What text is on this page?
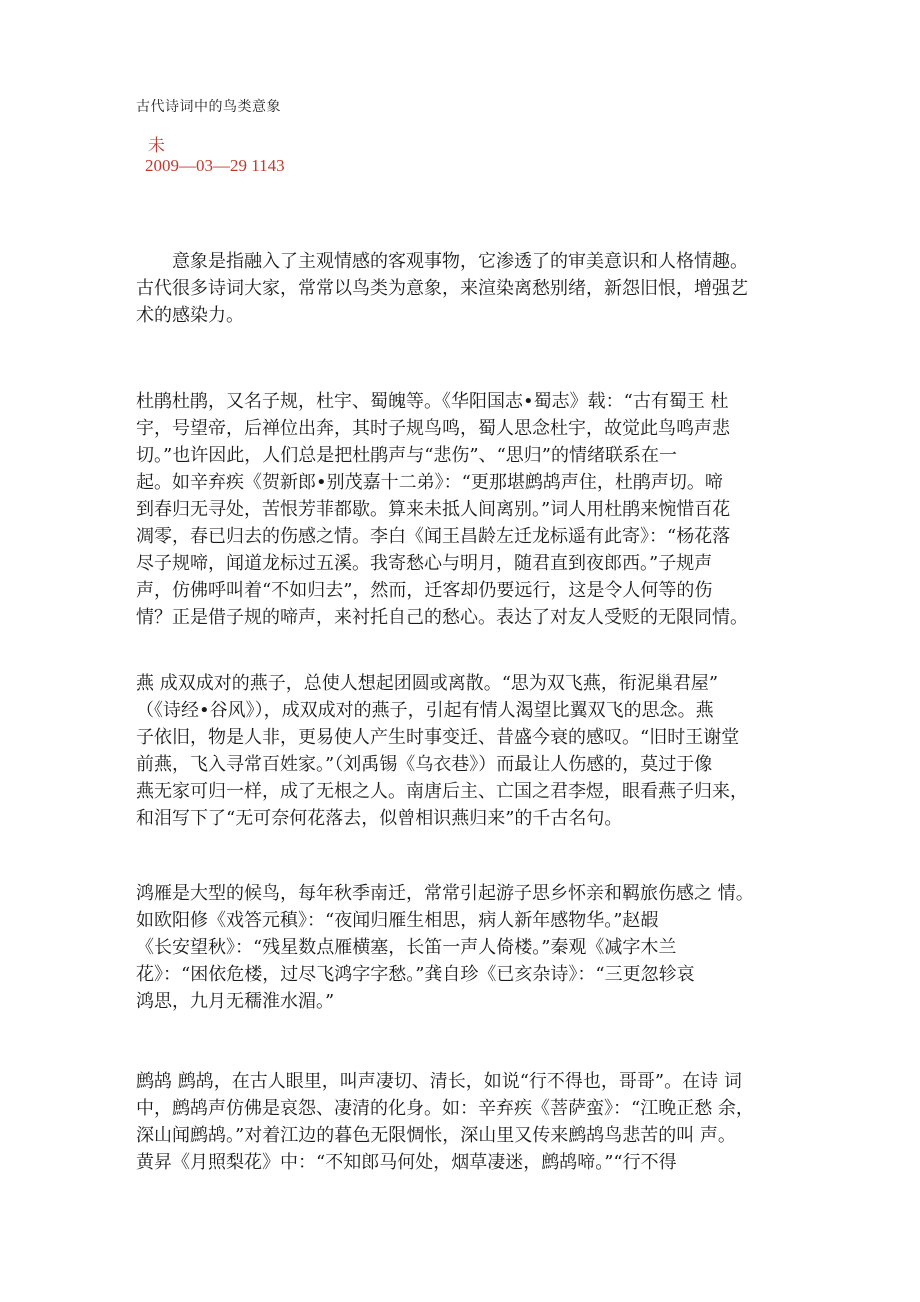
古代诗词中的鸟类意象
未
2009—03—29 1143
　　意象是指融入了主观情感的客观事物，它渗透了的审美意识和人格情趣。
古代很多诗词大家，常常以鸟类为意象，来渲染离愁别绪，新怨旧恨，增强艺
术的感染力。
杜鹃杜鹃，又名子规，杜宇、蜀魄等。《华阳国志•蜀志》载：“古有蜀王 杜
宇，号望帝，后禅位出奔，其时子规鸟鸣，蜀人思念杜宇，故觉此鸟鸣声悲
切。”也许因此，人们总是把杜鹃声与“悲伤”、“思归”的情绪联系在一
起。如辛弃疾《贺新郎•别茂嘉十二弟》：“更那堪鹧鸪声住，杜鹃声切。啼
到春归无寻处，苦恨芳菲都歇。算来未抵人间离别。”词人用杜鹃来惋惜百花
凋零，春已归去的伤感之情。李白《闻王昌龄左迁龙标遥有此寄》：“杨花落
尽子规啼，闻道龙标过五溪。我寄愁心与明月，随君直到夜郎西。”子规声
声，仿佛呼叫着“不如归去”，然而，迁客却仍要远行，这是令人何等的伤
情？正是借子规的啼声，来衬托自己的愁心。表达了对友人受贬的无限同情。
燕 成双成对的燕子，总使人想起团圆或离散。“思为双飞燕，衔泥巢君屋”
（《诗经•谷风》），成双成对的燕子，引起有情人渴望比翼双飞的思念。燕
子依旧，物是人非，更易使人产生时事变迁、昔盛今衰的感叹。“旧时王谢堂
前燕，飞入寻常百姓家。”（刘禹锡《乌衣巷》）而最让人伤感的，莫过于像
燕无家可归一样，成了无根之人。南唐后主、亡国之君李煜，眼看燕子归来，
和泪写下了“无可奈何花落去，似曾相识燕归来”的千古名句。
鸿雁是大型的候鸟，每年秋季南迁，常常引起游子思乡怀亲和羁旅伤感之 情。
如欧阳修《戏答元稹》：“夜闻归雁生相思，病人新年感物华。”赵嘏
《长安望秋》：“残星数点雁横塞，长笛一声人倚楼。”秦观《减字木兰
花》：“困依危楼，过尽飞鸿字字愁。”龚自珍《已亥杂诗》：“三更忽轸哀
鸿思，九月无穤淮水湄。”
鹧鸪 鹧鸪，在古人眼里，叫声凄切、清长，如说“行不得也，哥哥”。在诗 词
中，鹧鸪声仿佛是哀怨、凄清的化身。如：辛弃疾《菩萨蛮》：“江晚正愁 余，
深山闻鹧鸪。”对着江边的暮色无限惆怅，深山里又传来鹧鸪鸟悲苦的叫 声。
黄昇《月照梨花》中：“不知郎马何处，烟草凄迷，鹧鸪啼。”“行不得
